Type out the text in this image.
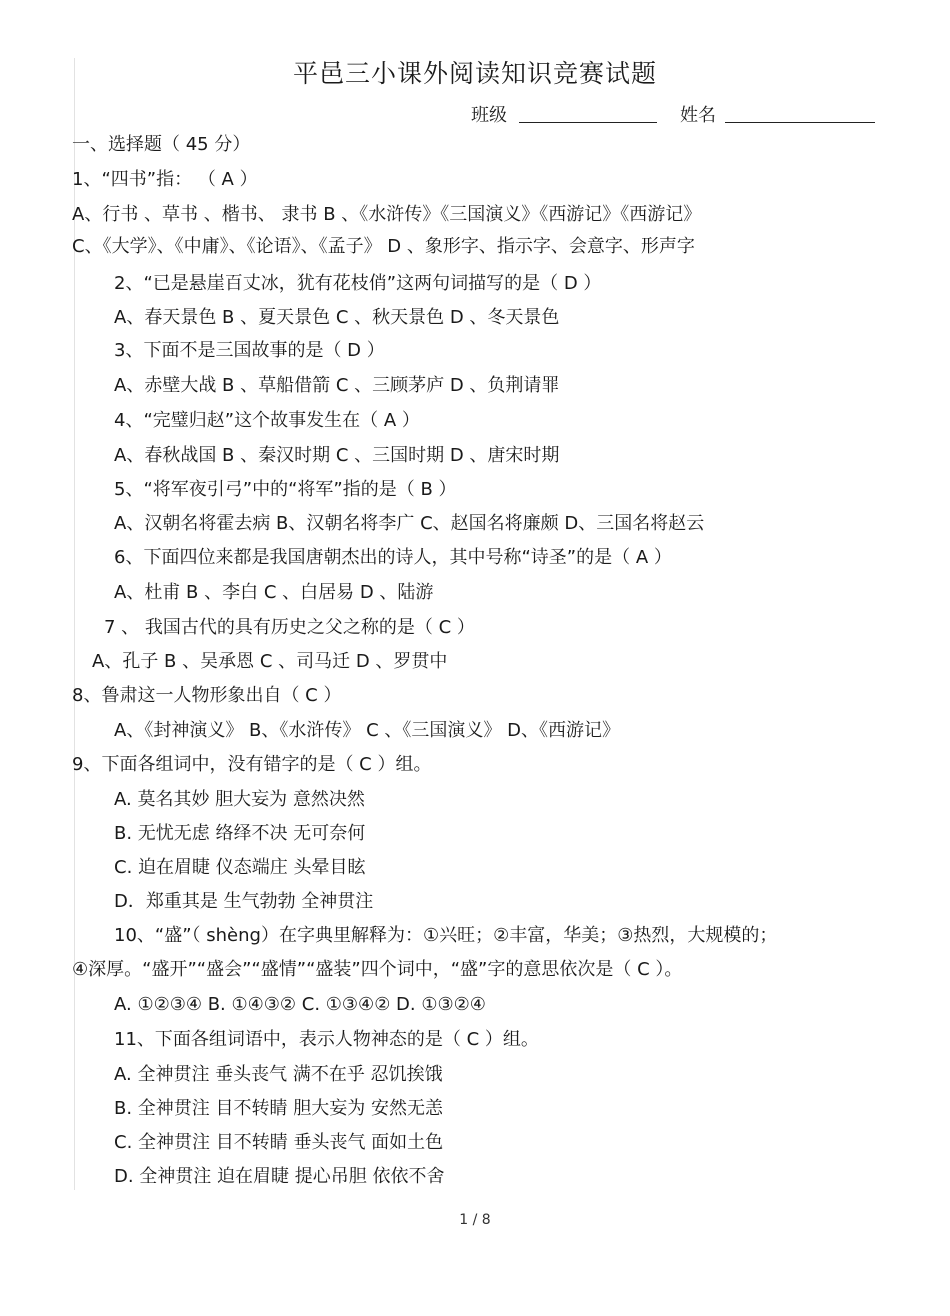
平邑三小课外阅读知识竞赛试题
班级	姓名
一、选择题（ 45 分）
1、“四书”指： （ A ）
A、行书 、草书 、楷书、 隶书 B 、《水浒传》《三国演义》《西游记》《西游记》
C、《大学》、《中庸》、《论语》、《孟子》 D 、象形字、指示字、会意字、形声字
2、“已是悬崖百丈冰，犹有花枝俏”这两句词描写的是（ D ）
A、春天景色 B 、夏天景色 C 、秋天景色 D 、冬天景色
3、下面不是三国故事的是（ D ）
A、赤壁大战 B 、草船借箭 C 、三顾茅庐 D 、负荆请罪
4、“完璧归赵”这个故事发生在（ A ）
A、春秋战国 B 、秦汉时期 C 、三国时期 D 、唐宋时期
5、“将军夜引弓”中的“将军”指的是（ B ）
A、汉朝名将霍去病 B、汉朝名将李广 C、赵国名将廉颇 D、三国名将赵云
6、下面四位来都是我国唐朝杰出的诗人，其中号称“诗圣”的是（ A ）
A、杜甫 B 、李白 C 、白居易 D 、陆游
7 、 我国古代的具有历史之父之称的是（ C ）
A、孔子 B 、吴承恩 C 、司马迁 D 、罗贯中
8、鲁肃这一人物形象出自（ C ）
A、《封神演义》 B、《水浒传》 C 、《三国演义》 D、《西游记》
9、下面各组词中，没有错字的是（ C ）组。
A. 莫名其妙 胆大妄为 意然决然
B. 无忧无虑 络绎不决 无可奈何
C. 迫在眉睫 仪态端庄 头晕目眩
D．郑重其是 生气勃勃 全神贯注
10、“盛”（ shèng）在字典里解释为：①兴旺；②丰富，华美；③热烈，大规模的；
④深厚。“盛开”“盛会”“盛情”“盛装”四个词中，“盛”字的意思依次是（ C ）。
A. ①②③④ B. ①④③② C. ①③④② D. ①③②④
11、下面各组词语中，表示人物神态的是（ C ）组。
A. 全神贯注 垂头丧气 满不在乎 忍饥挨饿
B. 全神贯注 目不转睛 胆大妄为 安然无恙
C. 全神贯注 目不转睛 垂头丧气 面如土色
D. 全神贯注 迫在眉睫 提心吊胆 依依不舍
1 / 8
